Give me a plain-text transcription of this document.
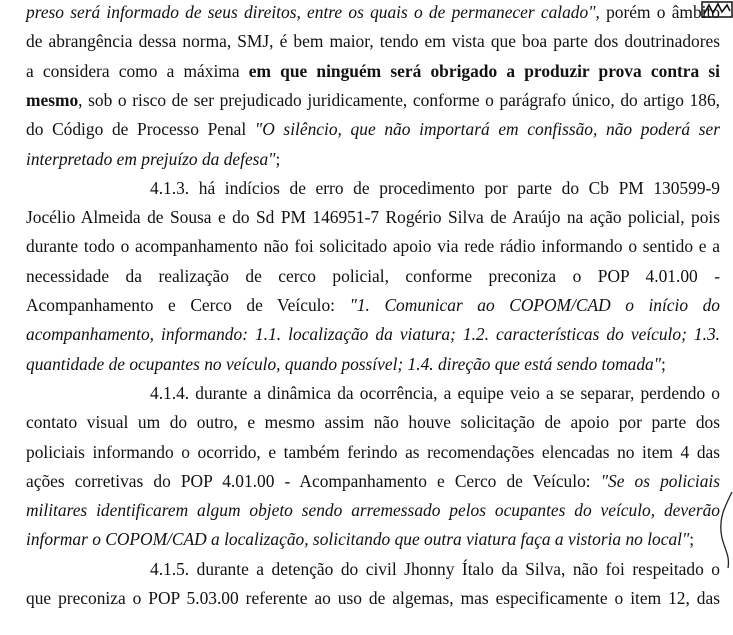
preso será informado de seus direitos, entre os quais o de permanecer calado", porém o âmbito
de abrangência dessa norma, SMJ, é bem maior, tendo em vista que boa parte dos doutrinadores
a considera como a máxima em que ninguém será obrigado a produzir prova contra si
mesmo, sob o risco de ser prejudicado juridicamente, conforme o parágrafo único, do artigo 186,
do Código de Processo Penal "O silêncio, que não importará em confissão, não poderá ser
interpretado em prejuízo da defesa";
4.1.3. há indícios de erro de procedimento por parte do Cb PM 130599-9
Jocélio Almeida de Sousa e do Sd PM 146951-7 Rogério Silva de Araújo na ação policial, pois
durante todo o acompanhamento não foi solicitado apoio via rede rádio informando o sentido e a
necessidade da realização de cerco policial, conforme preconiza o POP 4.01.00 -
Acompanhamento e Cerco de Veículo: "1. Comunicar ao COPOM/CAD o início do
acompanhamento, informando: 1.1. localização da viatura; 1.2. características do veículo; 1.3.
quantidade de ocupantes no veículo, quando possível; 1.4. direção que está sendo tomada";
4.1.4. durante a dinâmica da ocorrência, a equipe veio a se separar, perdendo o
contato visual um do outro, e mesmo assim não houve solicitação de apoio por parte dos
policiais informando o ocorrido, e também ferindo as recomendações elencadas no item 4 das
ações corretivas do POP 4.01.00 - Acompanhamento e Cerco de Veículo: "Se os policiais
militares identificarem algum objeto sendo arremessado pelos ocupantes do veículo, deverão
informar o COPOM/CAD a localização, solicitando que outra viatura faça a vistoria no local";
4.1.5. durante a detenção do civil Jhonny Ítalo da Silva, não foi respeitado o
que preconiza o POP 5.03.00 referente ao uso de algemas, mas especificamente o item 12, das
